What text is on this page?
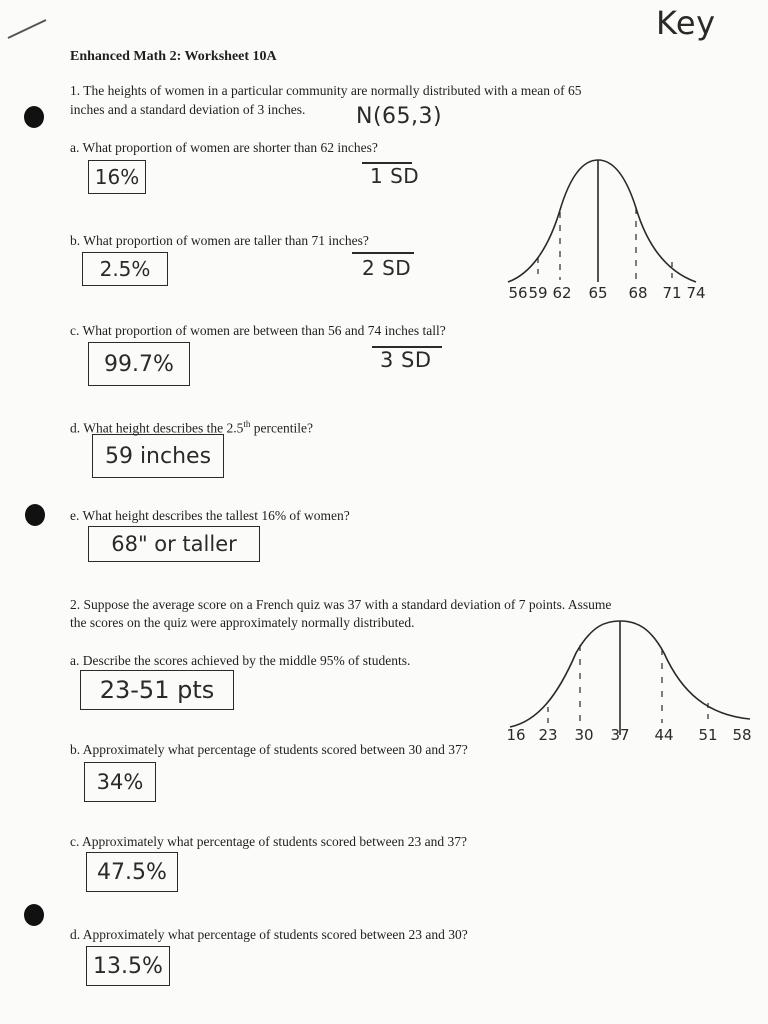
Key
Enhanced Math 2: Worksheet 10A
1. The heights of women in a particular community are normally distributed with a mean of 65
inches and a standard deviation of 3 inches. N(65,3)
a. What proportion of women are shorter than 62 inches?
16%	1 SD
b. What proportion of women are taller than 71 inches?
2.5%	2 SD
56 59 62 65 68 71 74
c. What proportion of women are between than 56 and 74 inches tall?
99.7%	3 SD
d. What height describes the 2.5th percentile?
59 inches
e. What height describes the tallest 16% of women?
68" or taller
2. Suppose the average score on a French quiz was 37 with a standard deviation of 7 points. Assume
the scores on the quiz were approximately normally distributed.
a. Describe the scores achieved by the middle 95% of students.
23-51 pts
16 23 30 37 44 51 58
b. Approximately what percentage of students scored between 30 and 37?
34%
c. Approximately what percentage of students scored between 23 and 37?
47.5%
d. Approximately what percentage of students scored between 23 and 30?
13.5%
